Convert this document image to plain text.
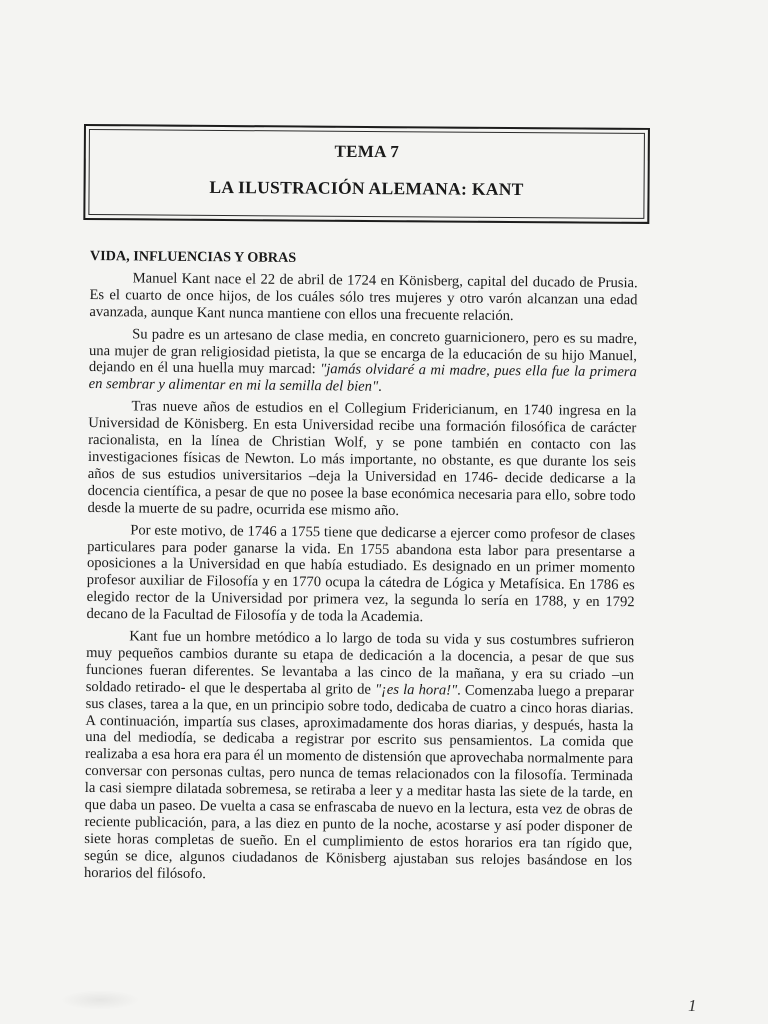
TEMA 7
LA ILUSTRACIÓN ALEMANA: KANT
VIDA, INFLUENCIAS Y OBRAS

Manuel Kant nace el 22 de abril de 1724 en Könisberg, capital del ducado de Prusia. Es el cuarto de once hijos, de los cuáles sólo tres mujeres y otro varón alcanzan una edad avanzada, aunque Kant nunca mantiene con ellos una frecuente relación.

Su padre es un artesano de clase media, en concreto guarnicionero, pero es su madre, una mujer de gran religiosidad pietista, la que se encarga de la educación de su hijo Manuel, dejando en él una huella muy marcad: "jamás olvidaré a mi madre, pues ella fue la primera en sembrar y alimentar en mi la semilla del bien".

Tras nueve años de estudios en el Collegium Fridericianum, en 1740 ingresa en la Universidad de Könisberg. En esta Universidad recibe una formación filosófica de carácter racionalista, en la línea de Christian Wolf, y se pone también en contacto con las investigaciones físicas de Newton. Lo más importante, no obstante, es que durante los seis años de sus estudios universitarios –deja la Universidad en 1746- decide dedicarse a la docencia científica, a pesar de que no posee la base económica necesaria para ello, sobre todo desde la muerte de su padre, ocurrida ese mismo año.

Por este motivo, de 1746 a 1755 tiene que dedicarse a ejercer como profesor de clases particulares para poder ganarse la vida. En 1755 abandona esta labor para presentarse a oposiciones a la Universidad en que había estudiado. Es designado en un primer momento profesor auxiliar de Filosofía y en 1770 ocupa la cátedra de Lógica y Metafísica. En 1786 es elegido rector de la Universidad por primera vez, la segunda lo sería en 1788, y en 1792 decano de la Facultad de Filosofía y de toda la Academia.

Kant fue un hombre metódico a lo largo de toda su vida y sus costumbres sufrieron muy pequeños cambios durante su etapa de dedicación a la docencia, a pesar de que sus funciones fueran diferentes. Se levantaba a las cinco de la mañana, y era su criado –un soldado retirado- el que le despertaba al grito de "¡es la hora!". Comenzaba luego a preparar sus clases, tarea a la que, en un principio sobre todo, dedicaba de cuatro a cinco horas diarias. A continuación, impartía sus clases, aproximadamente dos horas diarias, y después, hasta la una del mediodía, se dedicaba a registrar por escrito sus pensamientos. La comida que realizaba a esa hora era para él un momento de distensión que aprovechaba normalmente para conversar con personas cultas, pero nunca de temas relacionados con la filosofía. Terminada la casi siempre dilatada sobremesa, se retiraba a leer y a meditar hasta las siete de la tarde, en que daba un paseo. De vuelta a casa se enfrascaba de nuevo en la lectura, esta vez de obras de reciente publicación, para, a las diez en punto de la noche, acostarse y así poder disponer de siete horas completas de sueño. En el cumplimiento de estos horarios era tan rígido que, según se dice, algunos ciudadanos de Könisberg ajustaban sus relojes basándose en los horarios del filósofo.

1
